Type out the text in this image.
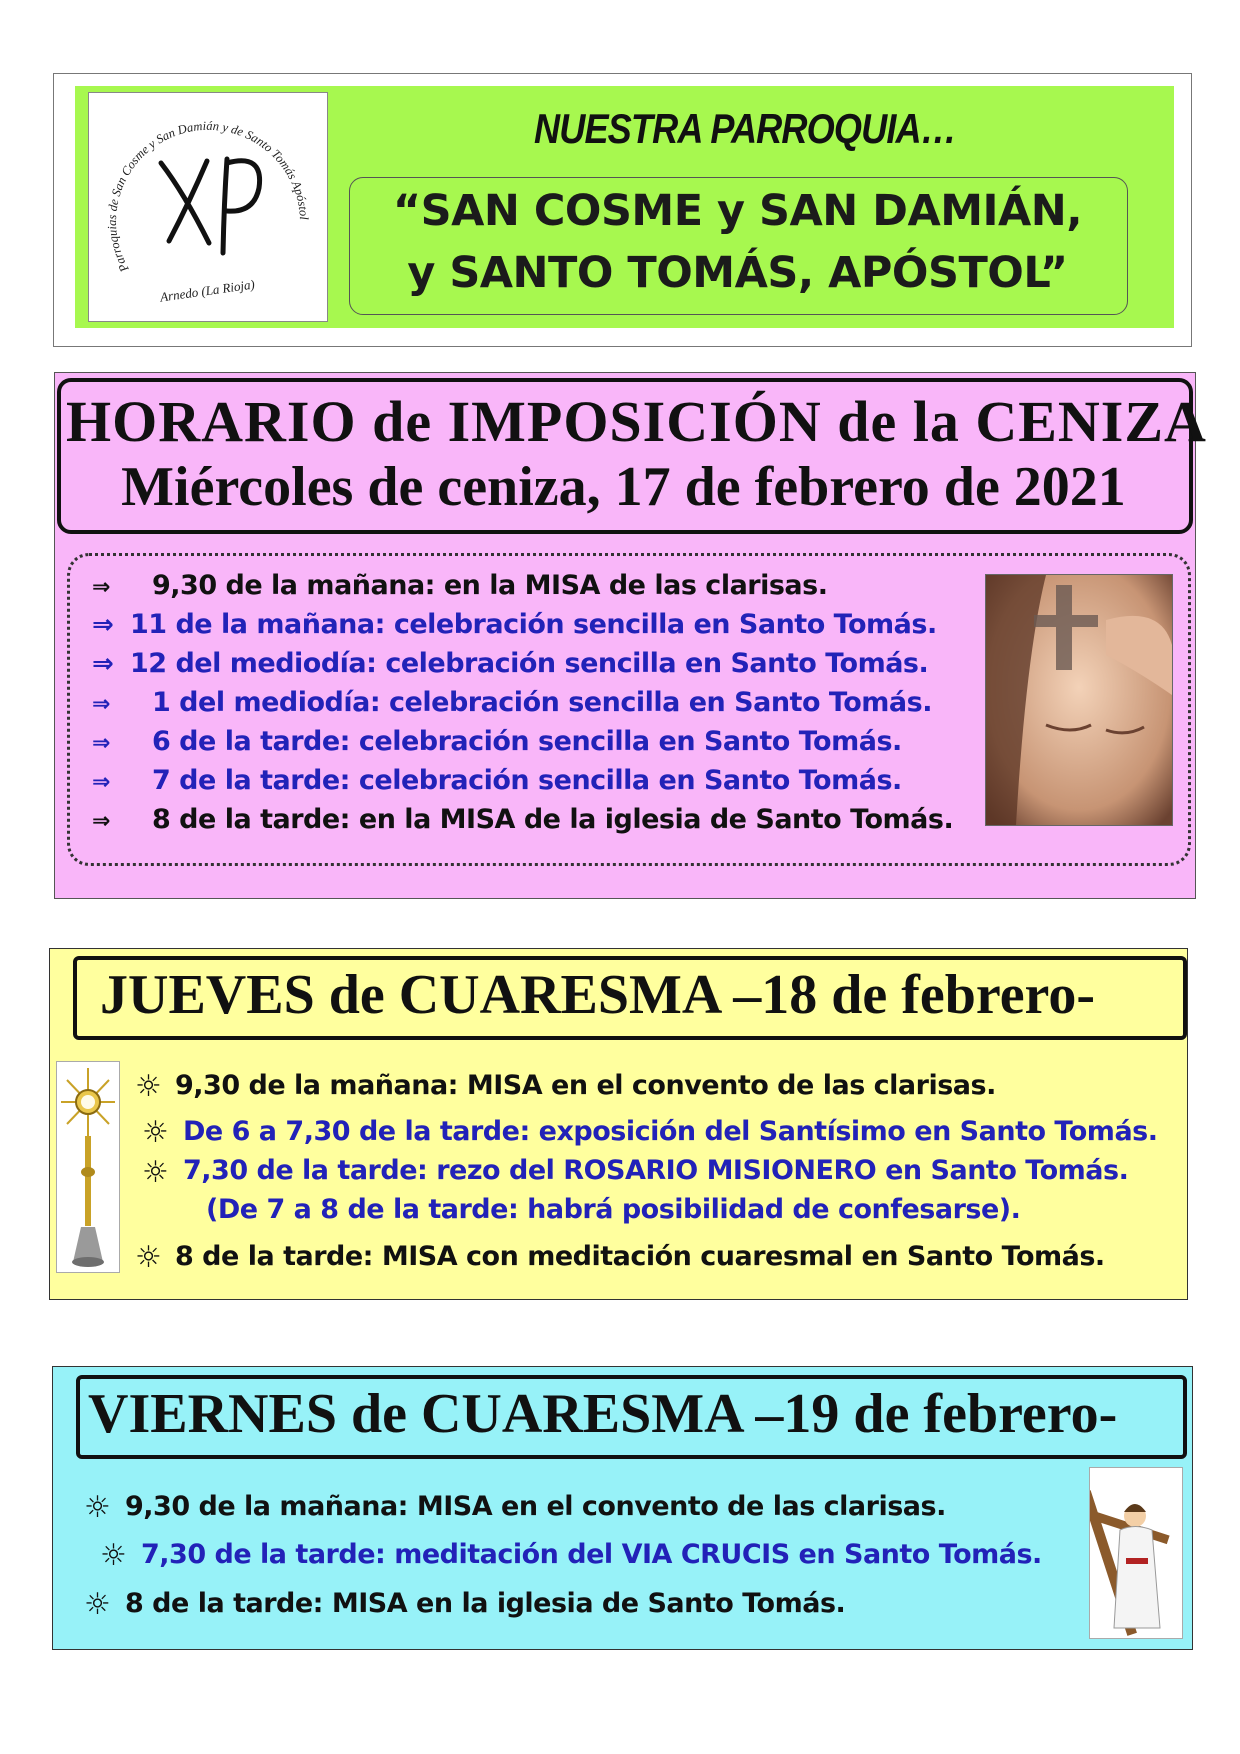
Parroquias de San Cosme y San Damián y de Santo Tomás Apóstol
Arnedo (La Rioja)
NUESTRA PARROQUIA…
“SAN COSME y SAN DAMIÁN,
y SANTO TOMÁS, APÓSTOL”
HORARIO de IMPOSICIÓN de la CENIZA
Miércoles de ceniza, 17 de febrero de 2021
⇒ 9,30 de la mañana: en la MISA de las clarisas.
⇒ 11 de la mañana: celebración sencilla en Santo Tomás.
⇒ 12 del mediodía: celebración sencilla en Santo Tomás.
⇒ 1 del mediodía: celebración sencilla en Santo Tomás.
⇒ 6 de la tarde: celebración sencilla en Santo Tomás.
⇒ 7 de la tarde: celebración sencilla en Santo Tomás.
⇒ 8 de la tarde: en la MISA de la iglesia de Santo Tomás.
JUEVES de CUARESMA –18 de febrero-
☼ 9,30 de la mañana: MISA en el convento de las clarisas.
☼ De 6 a 7,30 de la tarde: exposición del Santísimo en Santo Tomás.
☼ 7,30 de la tarde: rezo del ROSARIO MISIONERO en Santo Tomás.
(De 7 a 8 de la tarde: habrá posibilidad de confesarse).
☼ 8 de la tarde: MISA con meditación cuaresmal en Santo Tomás.
VIERNES de CUARESMA –19 de febrero-
☼ 9,30 de la mañana: MISA en el convento de las clarisas.
☼ 7,30 de la tarde: meditación del VIA CRUCIS en Santo Tomás.
☼ 8 de la tarde: MISA en la iglesia de Santo Tomás.
